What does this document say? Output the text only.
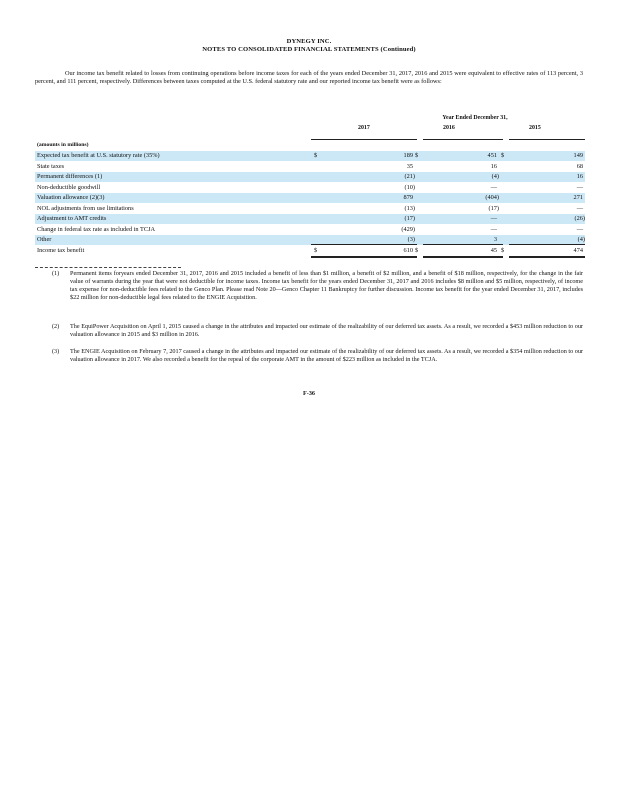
DYNEGY INC.
NOTES TO CONSOLIDATED FINANCIAL STATEMENTS (Continued)
Our income tax benefit related to losses from continuing operations before income taxes for each of the years ended December 31, 2017, 2016 and 2015 were equivalent to effective rates of 113 percent, 3 percent, and 111 percent, respectively. Differences between taxes computed at the U.S. federal statutory rate and our reported income tax benefit were as follows:
Year Ended December 31,
2017	2016	2015
(amounts in millions)
Expected tax benefit at U.S. statutory rate (35%)	$	189 $	451 $	149
State taxes	35	16	68
Permanent differences (1)	(21)	(4)	16
Non-deductible goodwill	(10)	—	—
Valuation allowance (2)(3)	879	(404)	271
NOL adjustments from use limitations	(13)	(17)	—
Adjustment to AMT credits	(17)	—	(26)
Change in federal tax rate as included in TCJA	(429)	—	—
Other	(3)	3	(4)
Income tax benefit	$	610 $	45 $	474
(1)	Permanent items foryears ended December 31, 2017, 2016 and 2015 included a benefit of less than $1 million, a benefit of $2 million, and a benefit of $18 million, respectively, for the change in the fair value of warrants during the year that were not deductible for income taxes. Income tax benefit for the years ended December 31, 2017 and 2016 includes $8 million and $5 million, respectively, of income tax expense for non-deductible fees related to the Genco Plan. Please read Note 20—Genco Chapter 11 Bankruptcy for further discussion. Income tax benefit for the year ended December 31, 2017, includes $22 million for non-deductible legal fees related to the ENGIE Acquisition.
(2)	The EquiPower Acquisition on April 1, 2015 caused a change in the attributes and impacted our estimate of the realizability of our deferred tax assets. As a result, we recorded a $453 million reduction to our valuation allowance in 2015 and $3 million in 2016.
(3)	The ENGIE Acquisition on February 7, 2017 caused a change in the attributes and impacted our estimate of the realizability of our deferred tax assets. As a result, we recorded a $354 million reduction to our valuation allowance in 2017. We also recorded a benefit for the repeal of the corporate AMT in the amount of $223 million as included in the TCJA.
F-36
